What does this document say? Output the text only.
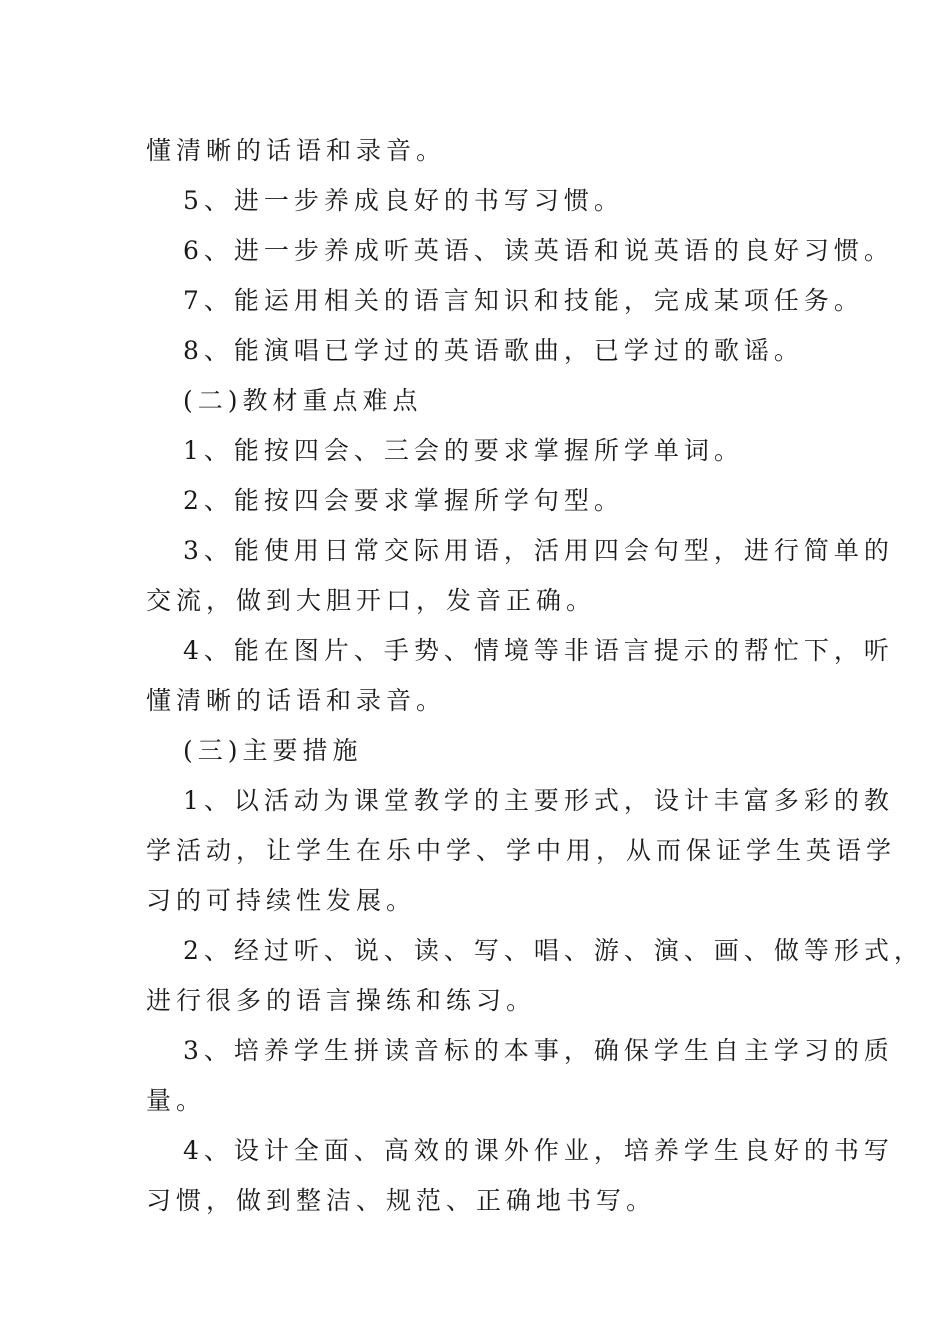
懂清晰的话语和录音。
5、进一步养成良好的书写习惯。
6、进一步养成听英语、读英语和说英语的良好习惯。
7、能运用相关的语言知识和技能，完成某项任务。
8、能演唱已学过的英语歌曲，已学过的歌谣。
(二)教材重点难点
1、能按四会、三会的要求掌握所学单词。
2、能按四会要求掌握所学句型。
3、能使用日常交际用语，活用四会句型，进行简单的
交流，做到大胆开口，发音正确。
4、能在图片、手势、情境等非语言提示的帮忙下，听
懂清晰的话语和录音。
(三)主要措施
1、以活动为课堂教学的主要形式，设计丰富多彩的教
学活动，让学生在乐中学、学中用，从而保证学生英语学
习的可持续性发展。
2、经过听、说、读、写、唱、游、演、画、做等形式，
进行很多的语言操练和练习。
3、培养学生拼读音标的本事，确保学生自主学习的质
量。
4、设计全面、高效的课外作业，培养学生良好的书写
习惯，做到整洁、规范、正确地书写。
